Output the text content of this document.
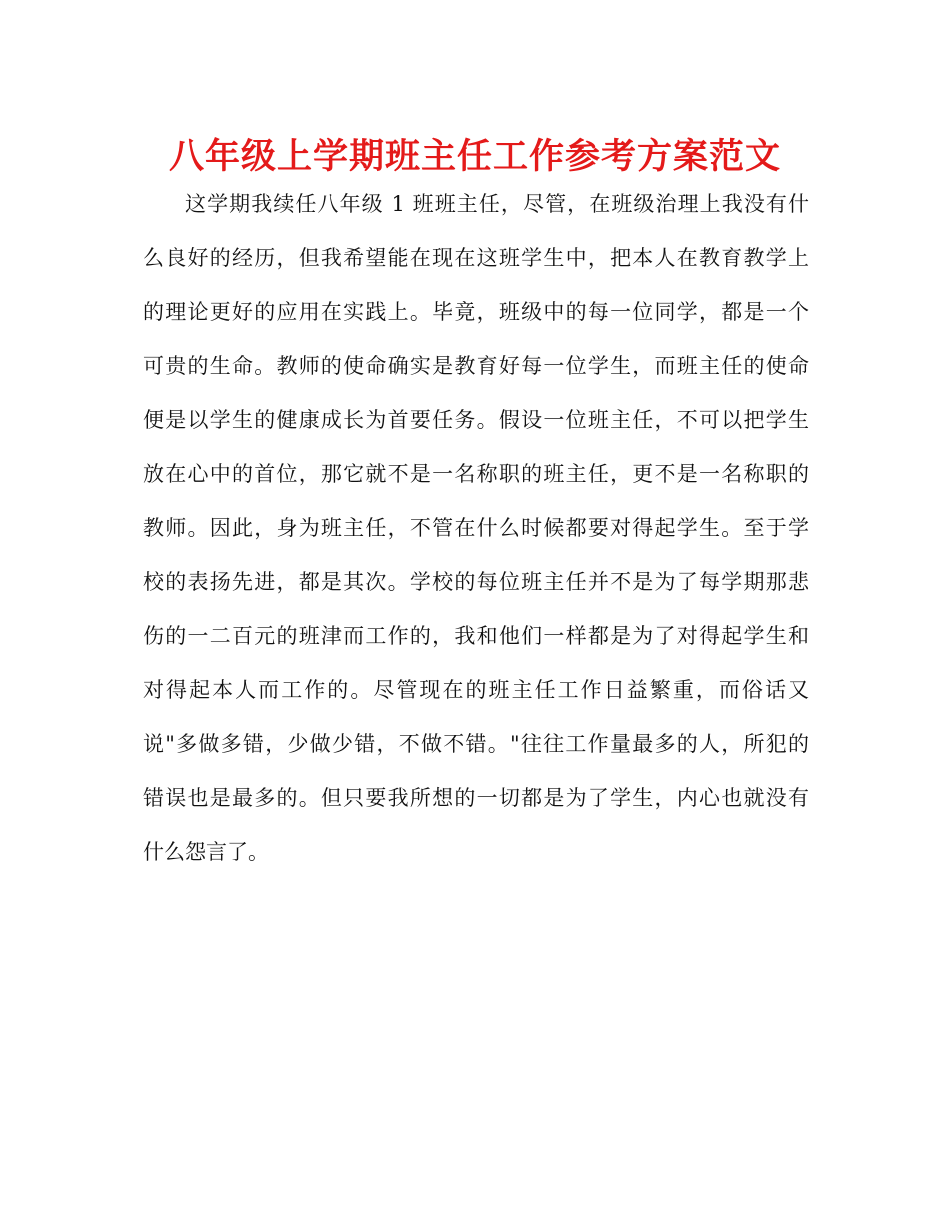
八年级上学期班主任工作参考方案范文
这学期我续任八年级 1 班班主任，尽管，在班级治理上我没有什
么良好的经历，但我希望能在现在这班学生中，把本人在教育教学上
的理论更好的应用在实践上。毕竟，班级中的每一位同学，都是一个
可贵的生命。教师的使命确实是教育好每一位学生，而班主任的使命
便是以学生的健康成长为首要任务。假设一位班主任，不可以把学生
放在心中的首位，那它就不是一名称职的班主任，更不是一名称职的
教师。因此，身为班主任，不管在什么时候都要对得起学生。至于学
校的表扬先进，都是其次。学校的每位班主任并不是为了每学期那悲
伤的一二百元的班津而工作的，我和他们一样都是为了对得起学生和
对得起本人而工作的。尽管现在的班主任工作日益繁重，而俗话又
说"多做多错，少做少错，不做不错。"往往工作量最多的人，所犯的
错误也是最多的。但只要我所想的一切都是为了学生，内心也就没有
什么怨言了。
